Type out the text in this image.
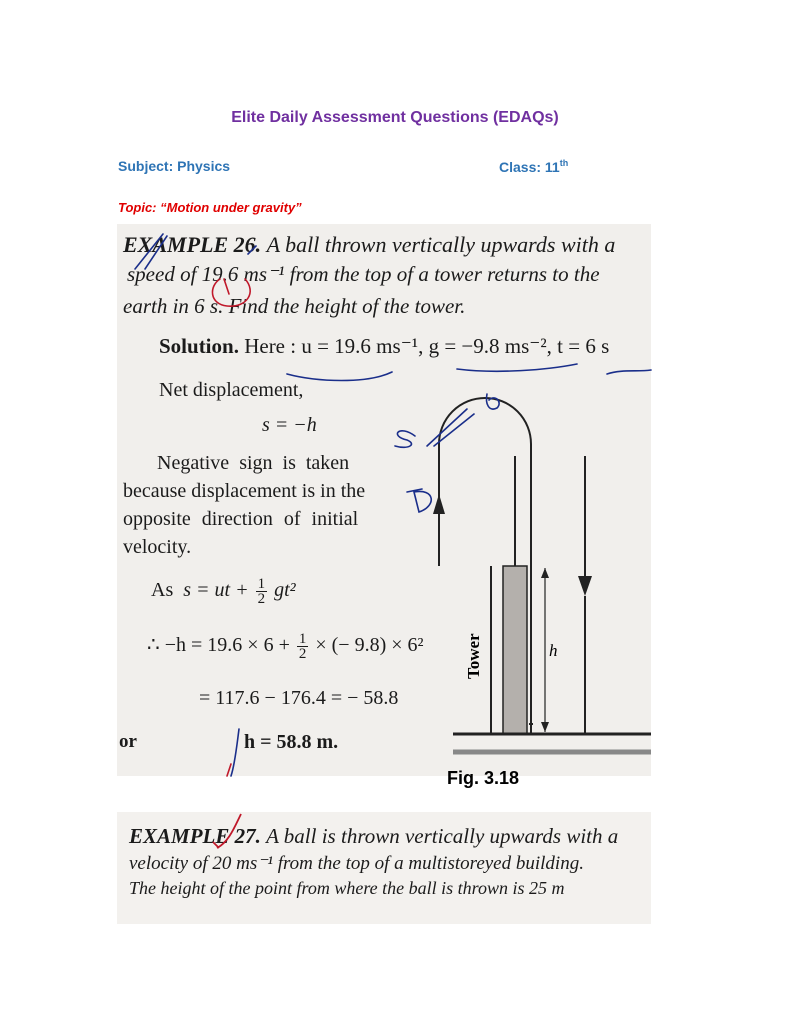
Elite Daily Assessment Questions (EDAQs)
Subject: Physics	Class: 11th
Topic: “Motion under gravity”
EXAMPLE 26. A ball thrown vertically upwards with a
speed of 19.6 ms⁻¹ from the top of a tower returns to the
earth in 6 s. Find the height of the tower.
Solution. Here : u = 19.6 ms⁻¹, g = −9.8 ms⁻², t = 6 s
Net displacement,
s = −h
Negative sign is taken
because displacement is in the
opposite direction of initial
velocity.
As s = ut + $\frac{1}{2} gt^2$
∴ $-h = 19.6 \times 6 + \frac{1}{2}$ × (− 9.8) × 6²
= 117.6 − 176.4 = − 58.8
or	h = 58.8 m.
Tower	h
Fig. 3.18
EXAMPLE 27. A ball is thrown vertically upwards with a
velocity of 20 ms⁻¹ from the top of a multistoreyed building.
The height of the point from where the ball is thrown is 25 m
